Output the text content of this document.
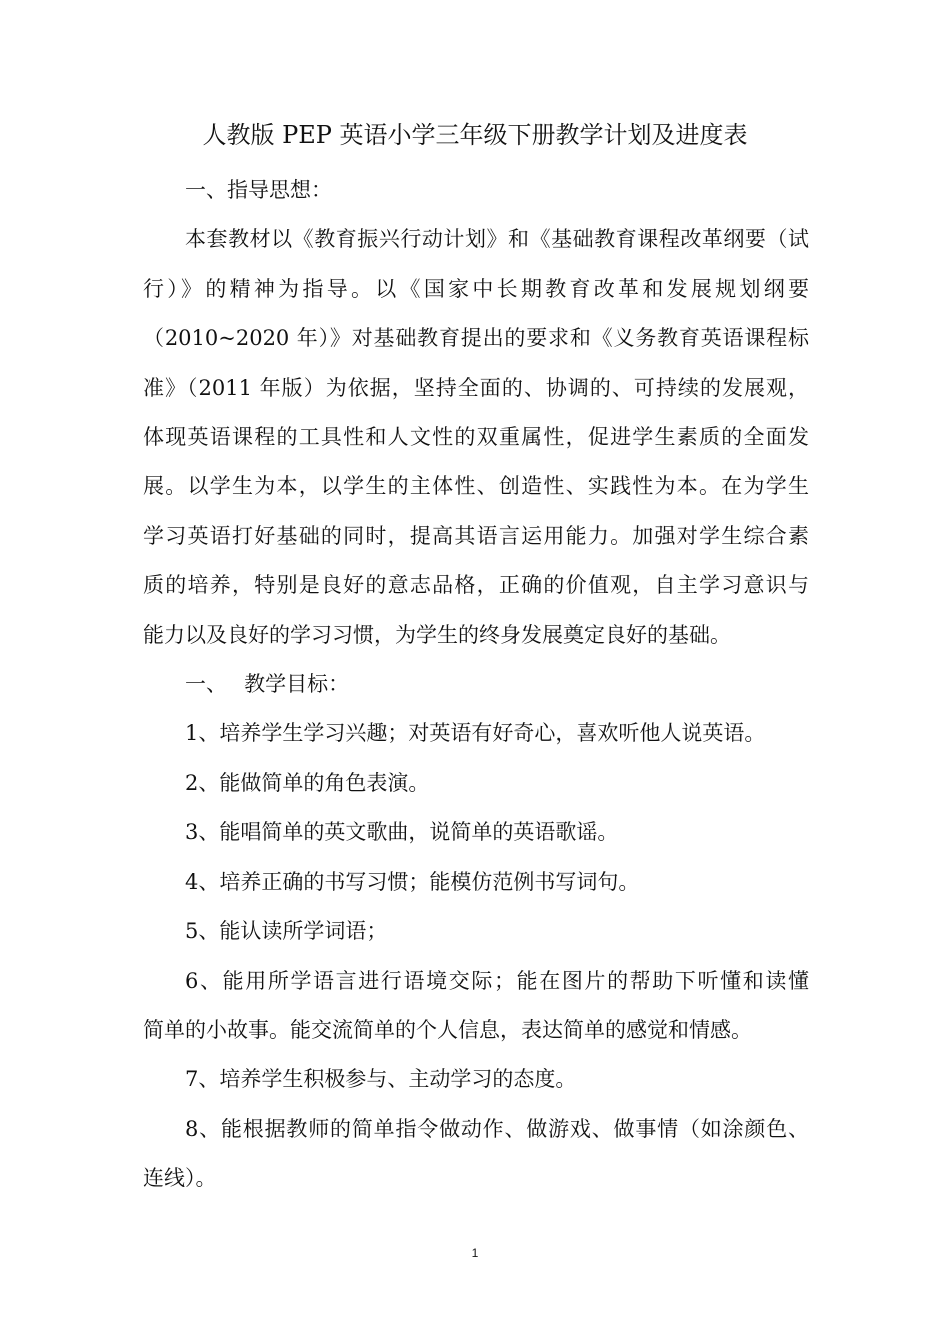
人教版 PEP 英语小学三年级下册教学计划及进度表

一、指导思想：

本套教材以《教育振兴行动计划》和《基础教育课程改革纲要（试

行）》的精神为指导。以《国家中长期教育改革和发展规划纲要

（2010~2020 年）》对基础教育提出的要求和《义务教育英语课程标

准》（2011 年版）为依据，坚持全面的、协调的、可持续的发展观，

体现英语课程的工具性和人文性的双重属性，促进学生素质的全面发

展。以学生为本，以学生的主体性、创造性、实践性为本。在为学生

学习英语打好基础的同时，提高其语言运用能力。加强对学生综合素

质的培养，特别是良好的意志品格，正确的价值观，自主学习意识与

能力以及良好的学习习惯，为学生的终身发展奠定良好的基础。

一、　 教学目标：

1、培养学生学习兴趣；对英语有好奇心，喜欢听他人说英语。

2、能做简单的角色表演。

3、能唱简单的英文歌曲，说简单的英语歌谣。

4、培养正确的书写习惯；能模仿范例书写词句。

5、能认读所学词语；

6、能用所学语言进行语境交际；能在图片的帮助下听懂和读懂

简单的小故事。能交流简单的个人信息，表达简单的感觉和情感。

7、培养学生积极参与、主动学习的态度。

8、能根据教师的简单指令做动作、做游戏、做事情（如涂颜色、

连线）。

1
